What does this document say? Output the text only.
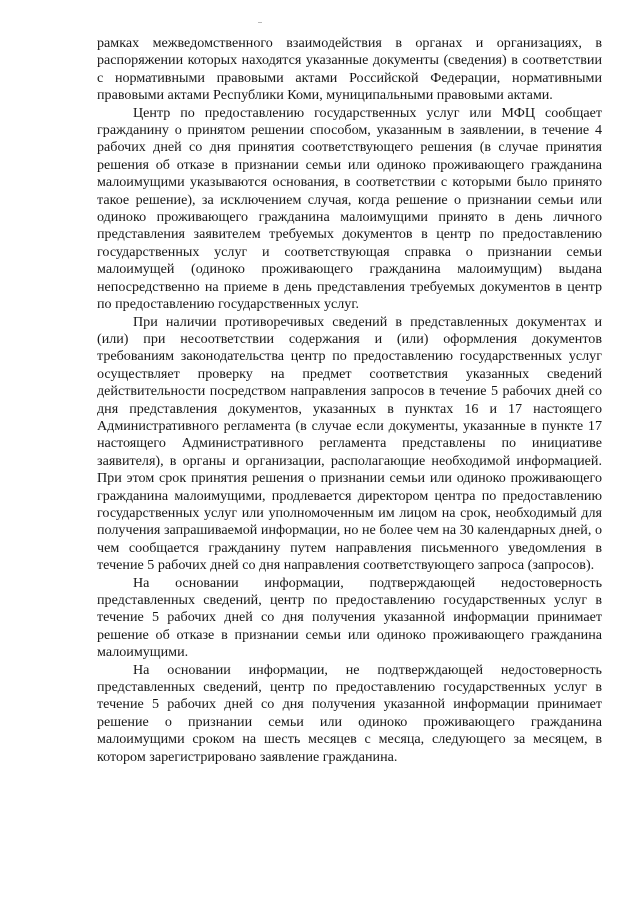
рамках межведомственного взаимодействия в органах и организациях, в распоряжении которых находятся указанные документы (сведения) в соответствии с нормативными правовыми актами Российской Федерации, нормативными правовыми актами Республики Коми, муниципальными правовыми актами.

Центр по предоставлению государственных услуг или МФЦ сообщает гражданину о принятом решении способом, указанным в заявлении, в течение 4 рабочих дней со дня принятия соответствующего решения (в случае принятия решения об отказе в признании семьи или одиноко проживающего гражданина малоимущими указываются основания, в соответствии с которыми было принято такое решение), за исключением случая, когда решение о признании семьи или одиноко проживающего гражданина малоимущими принято в день личного представления заявителем требуемых документов в центр по предоставлению государственных услуг и соответствующая справка о признании семьи малоимущей (одиноко проживающего гражданина малоимущим) выдана непосредственно на приеме в день представления требуемых документов в центр по предоставлению государственных услуг.

При наличии противоречивых сведений в представленных документах и (или) при несоответствии содержания и (или) оформления документов требованиям законодательства центр по предоставлению государственных услуг осуществляет проверку на предмет соответствия указанных сведений действительности посредством направления запросов в течение 5 рабочих дней со дня представления документов, указанных в пунктах 16 и 17 настоящего Административного регламента (в случае если документы, указанные в пункте 17 настоящего Административного регламента представлены по инициативе заявителя), в органы и организации, располагающие необходимой информацией. При этом срок принятия решения о признании семьи или одиноко проживающего гражданина малоимущими, продлевается директором центра по предоставлению государственных услуг или уполномоченным им лицом на срок, необходимый для получения запрашиваемой информации, но не более чем на 30 календарных дней, о чем сообщается гражданину путем направления письменного уведомления в течение 5 рабочих дней со дня направления соответствующего запроса (запросов).

На основании информации, подтверждающей недостоверность представленных сведений, центр по предоставлению государственных услуг в течение 5 рабочих дней со дня получения указанной информации принимает решение об отказе в признании семьи или одиноко проживающего гражданина малоимущими.

На основании информации, не подтверждающей недостоверность представленных сведений, центр по предоставлению государственных услуг в течение 5 рабочих дней со дня получения указанной информации принимает решение о признании семьи или одиноко проживающего гражданина малоимущими сроком на шесть месяцев с месяца, следующего за месяцем, в котором зарегистрировано заявление гражданина.
